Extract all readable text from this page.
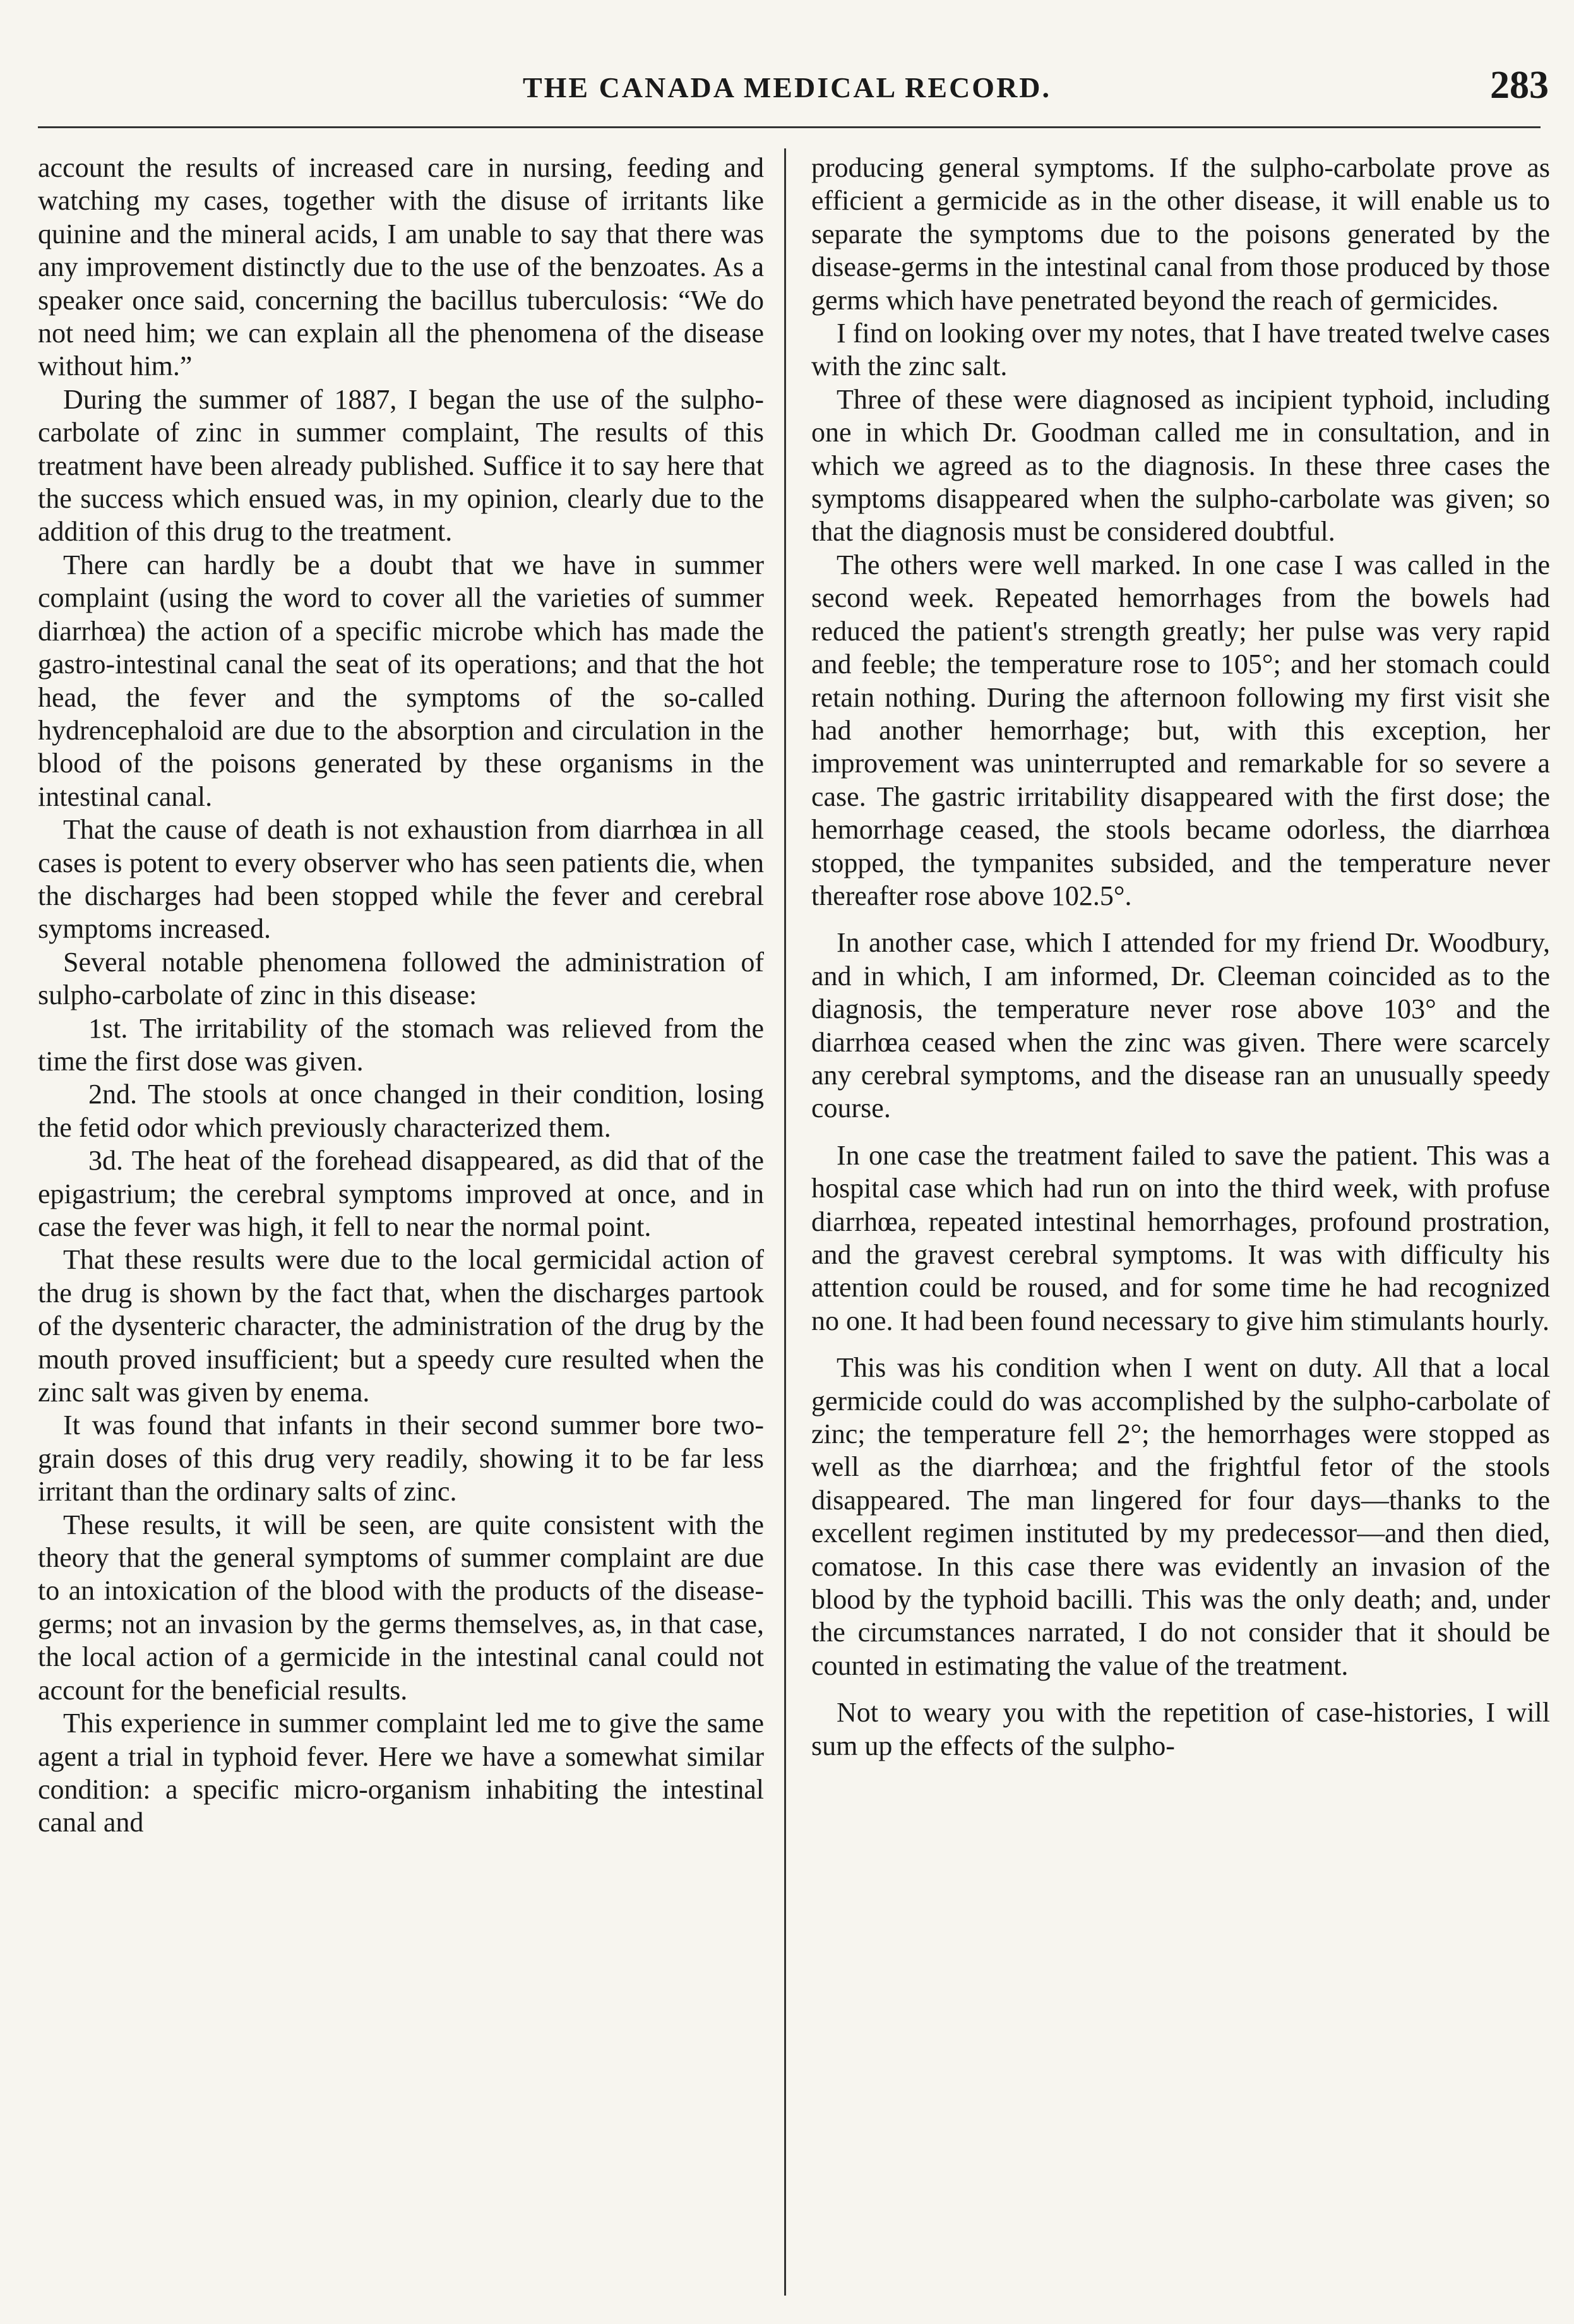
THE CANADA MEDICAL RECORD.	283

account the results of increased care in nursing, feeding and watching my cases, together with the disuse of irritants like quinine and the mineral acids, I am unable to say that there was any improvement distinctly due to the use of the benzoates. As a speaker once said, concerning the bacillus tuberculosis: “We do not need him; we can explain all the phenomena of the disease without him.”

During the summer of 1887, I began the use of the sulpho-carbolate of zinc in summer complaint, The results of this treatment have been already published. Suffice it to say here that the success which ensued was, in my opinion, clearly due to the addition of this drug to the treatment.

There can hardly be a doubt that we have in summer complaint (using the word to cover all the varieties of summer diarrhœa) the action of a specific microbe which has made the gastro-intestinal canal the seat of its operations; and that the hot head, the fever and the symptoms of the so-called hydrencephaloid are due to the absorption and circulation in the blood of the poisons generated by these organisms in the intestinal canal.

That the cause of death is not exhaustion from diarrhœa in all cases is potent to every observer who has seen patients die, when the discharges had been stopped while the fever and cerebral symptoms increased.

Several notable phenomena followed the administration of sulpho-carbolate of zinc in this disease:

1st. The irritability of the stomach was relieved from the time the first dose was given.

2nd. The stools at once changed in their condition, losing the fetid odor which previously characterized them.

3d. The heat of the forehead disappeared, as did that of the epigastrium; the cerebral symptoms improved at once, and in case the fever was high, it fell to near the normal point.

That these results were due to the local germicidal action of the drug is shown by the fact that, when the discharges partook of the dysenteric character, the administration of the drug by the mouth proved insufficient; but a speedy cure resulted when the zinc salt was given by enema.

It was found that infants in their second summer bore two-grain doses of this drug very readily, showing it to be far less irritant than the ordinary salts of zinc.

These results, it will be seen, are quite consistent with the theory that the general symptoms of summer complaint are due to an intoxication of the blood with the products of the disease-germs; not an invasion by the germs themselves, as, in that case, the local action of a germicide in the intestinal canal could not account for the beneficial results.

This experience in summer complaint led me to give the same agent a trial in typhoid fever. Here we have a somewhat similar condition: a specific micro-organism inhabiting the intestinal canal and

producing general symptoms. If the sulpho-carbolate prove as efficient a germicide as in the other disease, it will enable us to separate the symptoms due to the poisons generated by the disease-germs in the intestinal canal from those produced by those germs which have penetrated beyond the reach of germicides.

I find on looking over my notes, that I have treated twelve cases with the zinc salt.

Three of these were diagnosed as incipient typhoid, including one in which Dr. Goodman called me in consultation, and in which we agreed as to the diagnosis. In these three cases the symptoms disappeared when the sulpho-carbolate was given; so that the diagnosis must be considered doubtful.

The others were well marked. In one case I was called in the second week. Repeated hemorrhages from the bowels had reduced the patient's strength greatly; her pulse was very rapid and feeble; the temperature rose to 105°; and her stomach could retain nothing. During the afternoon following my first visit she had another hemorrhage; but, with this exception, her improvement was uninterrupted and remarkable for so severe a case. The gastric irritability disappeared with the first dose; the hemorrhage ceased, the stools became odorless, the diarrhœa stopped, the tympanites subsided, and the temperature never thereafter rose above 102.5°.

In another case, which I attended for my friend Dr. Woodbury, and in which, I am informed, Dr. Cleeman coincided as to the diagnosis, the temperature never rose above 103° and the diarrhœa ceased when the zinc was given. There were scarcely any cerebral symptoms, and the disease ran an unusually speedy course.

In one case the treatment failed to save the patient. This was a hospital case which had run on into the third week, with profuse diarrhœa, repeated intestinal hemorrhages, profound prostration, and the gravest cerebral symptoms. It was with difficulty his attention could be roused, and for some time he had recognized no one. It had been found necessary to give him stimulants hourly.

This was his condition when I went on duty. All that a local germicide could do was accomplished by the sulpho-carbolate of zinc; the temperature fell 2°; the hemorrhages were stopped as well as the diarrhœa; and the frightful fetor of the stools disappeared. The man lingered for four days—thanks to the excellent regimen instituted by my predecessor—and then died, comatose. In this case there was evidently an invasion of the blood by the typhoid bacilli. This was the only death; and, under the circumstances narrated, I do not consider that it should be counted in estimating the value of the treatment.

Not to weary you with the repetition of case-histories, I will sum up the effects of the sulpho-
